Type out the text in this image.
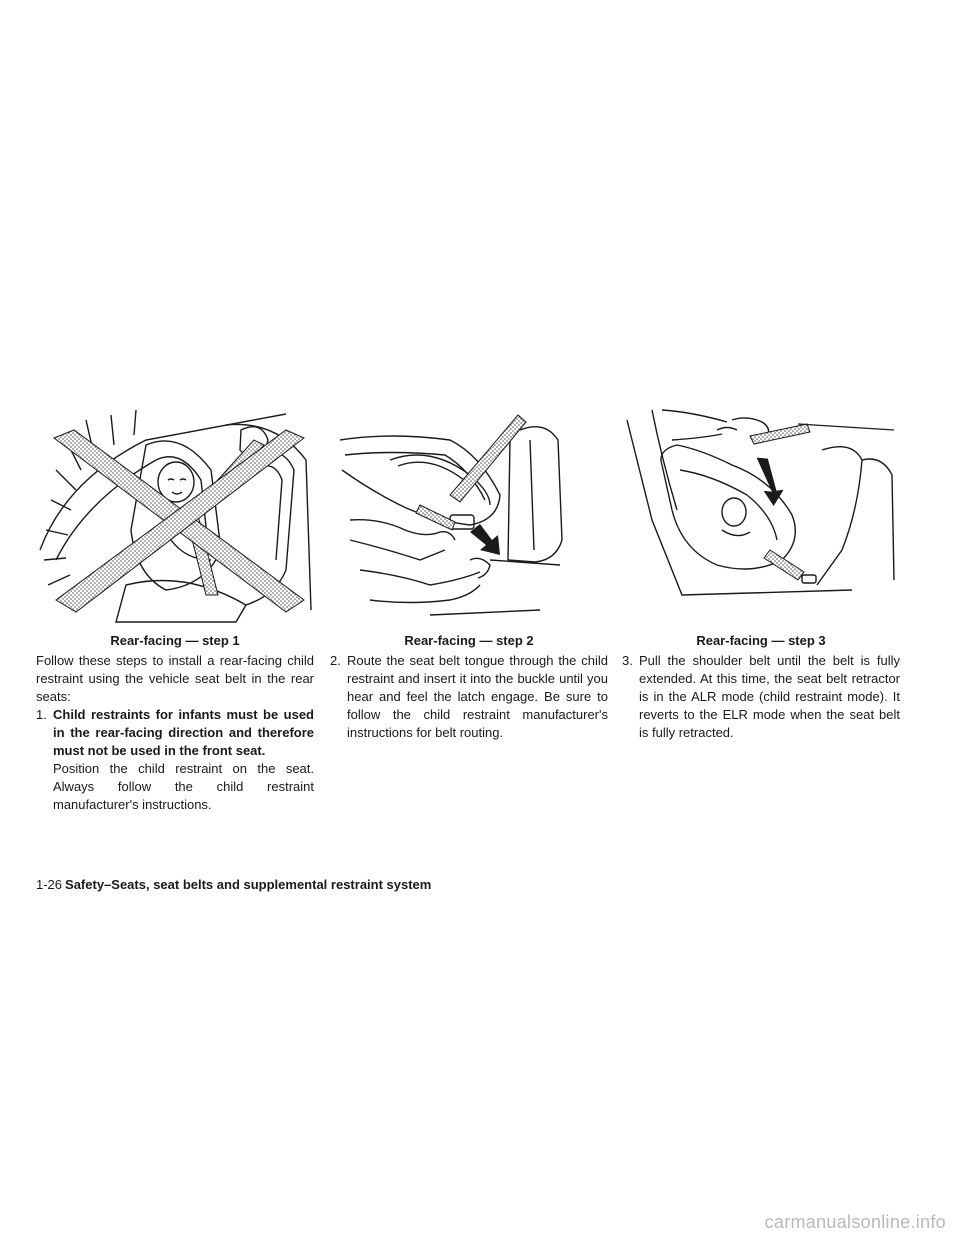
Rear-facing — step 1

Follow these steps to install a rear-facing child restraint using the vehicle seat belt in the rear seats:

1. Child restraints for infants must be used in the rear-facing direction and therefore must not be used in the front seat.
Position the child restraint on the seat. Always follow the child restraint manufacturer's instructions.
Rear-facing — step 2
2. Route the seat belt tongue through the child restraint and insert it into the buckle until you hear and feel the latch engage. Be sure to follow the child restraint manufacturer's instructions for belt routing.
Rear-facing — step 3
3. Pull the shoulder belt until the belt is fully extended. At this time, the seat belt retractor is in the ALR mode (child restraint mode). It reverts to the ELR mode when the seat belt is fully retracted.
1-26 Safety–Seats, seat belts and supplemental restraint system
carmanualsonline.info
